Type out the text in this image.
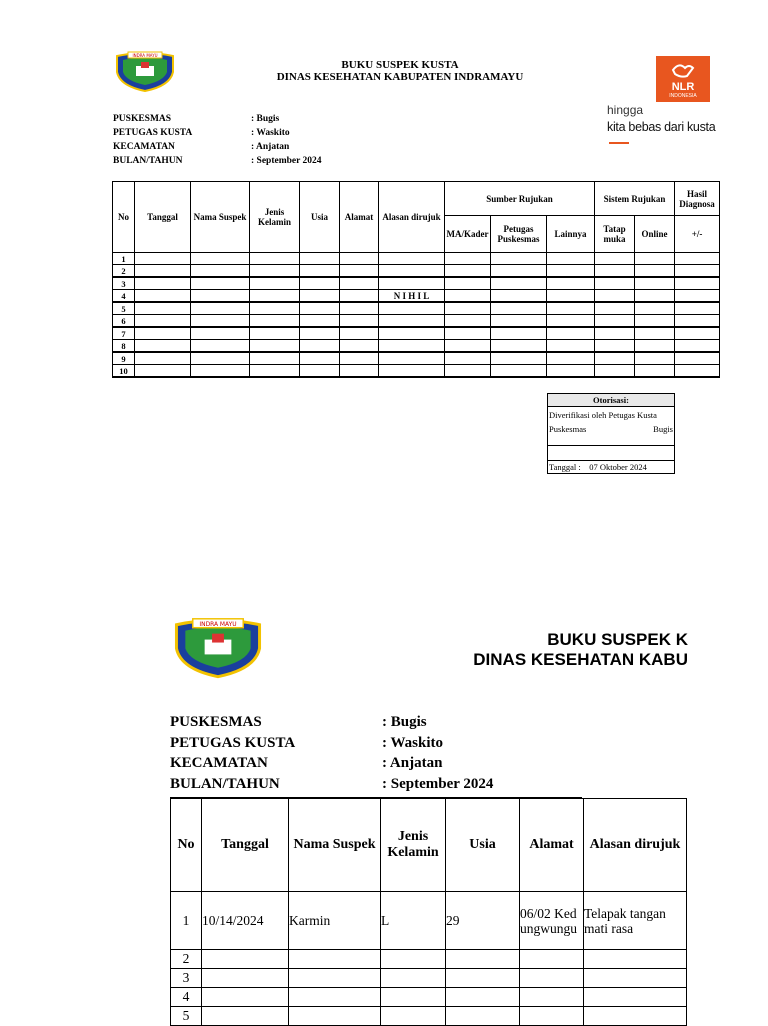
INDRA MAYU
BUKU SUSPEK KUSTA
DINAS KESEHATAN KABUPATEN INDRAMAYU
NLR
INDONESIA
hingga
kita bebas dari kusta
PUSKESMAS	: Bugis
PETUGAS KUSTA	: Waskito
KECAMATAN	: Anjatan
BULAN/TAHUN	: September 2024
No	Tanggal	Nama Suspek	Jenis Kelamin	Usia	Alamat	Alasan dirujuk	Sumber Rujukan			Sistem Rujukan		Hasil Diagnosa
							MA/Kader	Petugas Puskesmas	Lainnya	Tatap muka	Online	+/-
1												
2												
3												
4						N I H I L						
5												
6												
7												
8												
9												
10												
Otorisasi:

Diverifikasi oleh Petugas Kusta
Puskesmas	Bugis

Tanggal : 07 Oktober 2024
INDRA MAYU
BUKU SUSPEK K
DINAS KESEHATAN KABU
PUSKESMAS	: Bugis
PETUGAS KUSTA	: Waskito
KECAMATAN	: Anjatan
BULAN/TAHUN	: September 2024
No	Tanggal	Nama Suspek	Jenis Kelamin	Usia	Alamat	Alasan dirujuk
1	10/14/2024	Karmin	L	29	06/02 Kedungwungu	Telapak tangan mati rasa
2						
3						
4						
5						
